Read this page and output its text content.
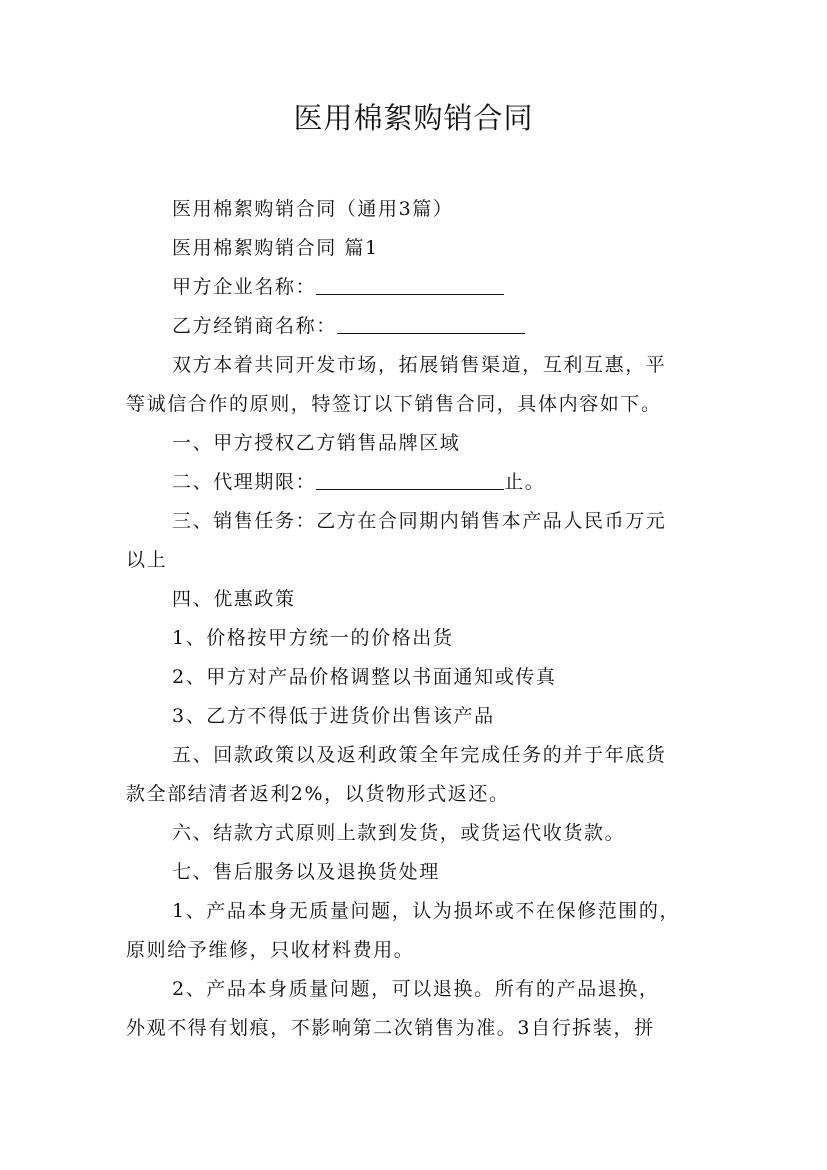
医用棉絮购销合同
医用棉絮购销合同（通用3篇）
医用棉絮购销合同 篇1
甲方企业名称：
乙方经销商名称：
双方本着共同开发市场，拓展销售渠道，互利互惠，平
等诚信合作的原则，特签订以下销售合同，具体内容如下。
一、甲方授权乙方销售品牌区域
二、代理期限：	止。
三、销售任务：乙方在合同期内销售本产品人民币万元
以上
四、优惠政策
1、价格按甲方统一的价格出货
2、甲方对产品价格调整以书面通知或传真
3、乙方不得低于进货价出售该产品
五、回款政策以及返利政策全年完成任务的并于年底货
款全部结清者返利2%，以货物形式返还。
六、结款方式原则上款到发货，或货运代收货款。
七、售后服务以及退换货处理
1、产品本身无质量问题，认为损坏或不在保修范围的，
原则给予维修，只收材料费用。
2、产品本身质量问题，可以退换。所有的产品退换，
外观不得有划痕，不影响第二次销售为准。3自行拆装，拼
